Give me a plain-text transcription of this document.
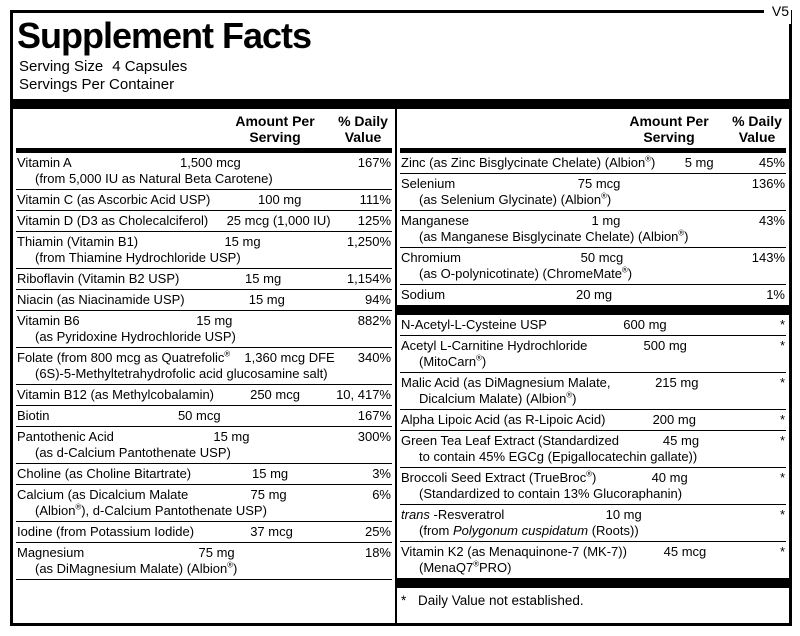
V5
Supplement Facts
Serving Size 4 Capsules
Servings Per Container
Amount Per
Serving
% Daily
Value
Vitamin A	1,500 mcg	167%
(from 5,000 IU as Natural Beta Carotene)
Vitamin C (as Ascorbic Acid USP)	100 mg	111%
Vitamin D (D3 as Cholecalciferol)	25 mcg (1,000 IU)	125%
Thiamin (Vitamin B1)	15 mg	1,250%
(from Thiamine Hydrochloride USP)
Riboflavin (Vitamin B2 USP)	15 mg	1,154%
Niacin (as Niacinamide USP)	15 mg	94%
Vitamin B6	15 mg	882%
(as Pyridoxine Hydrochloride USP)
Folate (from 800 mcg as Quatrefolic®	1,360 mcg DFE	340%
(6S)-5-Methyltetrahydrofolic acid glucosamine salt)
Vitamin B12 (as Methylcobalamin)	250 mcg	10, 417%
Biotin	50 mcg	167%
Pantothenic Acid	15 mg	300%
(as d-Calcium Pantothenate USP)
Choline (as Choline Bitartrate)	15 mg	3%
Calcium (as Dicalcium Malate	75 mg	6%
(Albion®), d-Calcium Pantothenate USP)
Iodine (from Potassium Iodide)	37 mcg	25%
Magnesium	75 mg	18%
(as DiMagnesium Malate) (Albion®)
Amount Per
Serving
% Daily
Value
Zinc (as Zinc Bisglycinate Chelate) (Albion®)	5 mg	45%
Selenium	75 mcg	136%
(as Selenium Glycinate) (Albion®)
Manganese	1 mg	43%
(as Manganese Bisglycinate Chelate) (Albion®)
Chromium	50 mcg	143%
(as O-polynicotinate) (ChromeMate®)
Sodium	20 mg	1%
N-Acetyl-L-Cysteine USP	600 mg	*
Acetyl L-Carnitine Hydrochloride	500 mg	*
(MitoCarn®)
Malic Acid (as DiMagnesium Malate,	215 mg	*
Dicalcium Malate) (Albion®)
Alpha Lipoic Acid (as R-Lipoic Acid)	200 mg	*
Green Tea Leaf Extract (Standardized	45 mg	*
to contain 45% EGCg (Epigallocatechin gallate))
Broccoli Seed Extract (TrueBroc®)	40 mg	*
(Standardized to contain 13% Glucoraphanin)
trans -Resveratrol	10 mg	*
(from Polygonum cuspidatum (Roots))
Vitamin K2 (as Menaquinone-7 (MK-7))	45 mcg	*
(MenaQ7®PRO)
* Daily Value not established.
